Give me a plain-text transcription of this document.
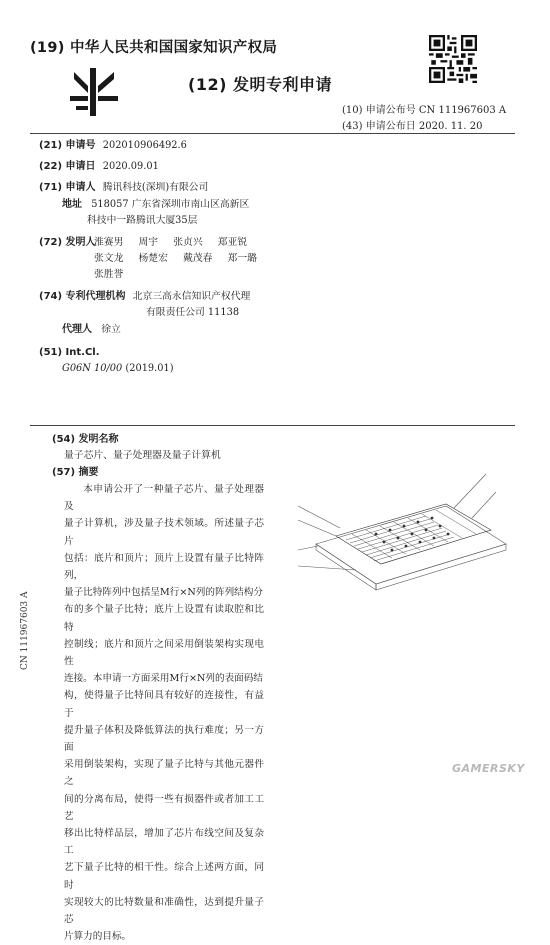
(19) 中华人民共和国国家知识产权局
(12) 发明专利申请
(10) 申请公布号 CN 111967603 A
(43) 申请公布日 2020. 11. 20
(21) 申请号 202010906492.6
(22) 申请日 2020.09.01
(71) 申请人 腾讯科技(深圳)有限公司
地址 518057 广东省深圳市南山区高新区
科技中一路腾讯大厦35层
(72) 发明人
淮赛男 周宇 张贞兴 郑亚锐
张文龙 杨楚宏 戴茂春 郑一璐
张胜誉
(74) 专利代理机构 北京三高永信知识产权代理
有限责任公司 11138
代理人 徐立
(51) Int.Cl.
G06N 10/00 (2019.01)
(54) 发明名称
量子芯片、量子处理器及量子计算机
(57) 摘要
本申请公开了一种量子芯片、量子处理器及
量子计算机，涉及量子技术领域。所述量子芯片
包括：底片和顶片；顶片上设置有量子比特阵列，
量子比特阵列中包括呈M行×N列的阵列结构分
布的多个量子比特；底片上设置有读取腔和比特
控制线；底片和顶片之间采用倒装架构实现电性
连接。本申请一方面采用M行×N列的表面码结
构，使得量子比特间具有较好的连接性，有益于
提升量子体积及降低算法的执行难度；另一方面
采用倒装架构，实现了量子比特与其他元器件之
间的分离布局，使得一些有损器件或者加工工艺
移出比特样品层，增加了芯片布线空间及复杂工
艺下量子比特的相干性。综合上述两方面，同时
实现较大的比特数量和准确性，达到提升量子芯
片算力的目标。
CN 111967603 A
GAMERSKY
